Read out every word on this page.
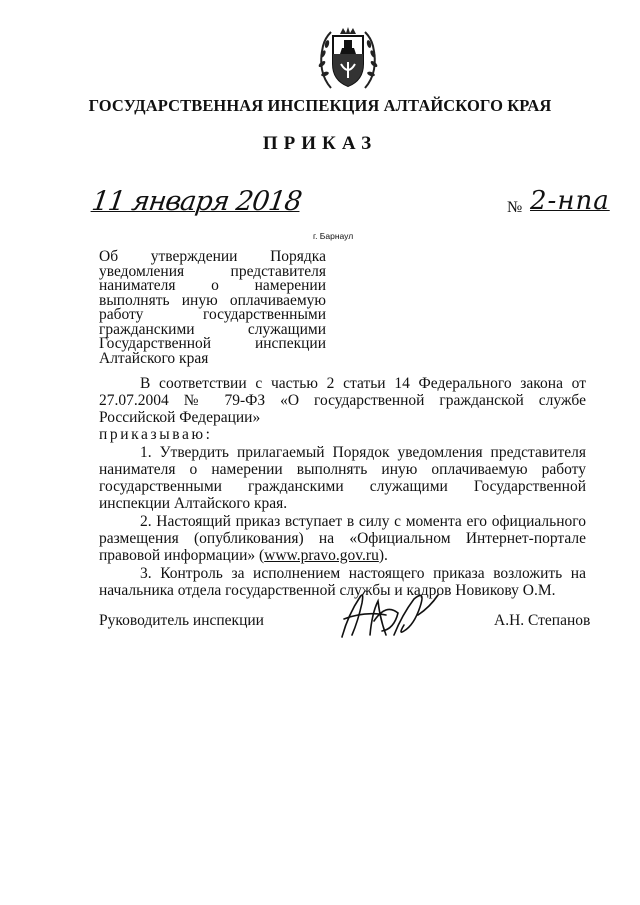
ГОСУДАРСТВЕННАЯ ИНСПЕКЦИЯ АЛТАЙСКОГО КРАЯ
ПРИКАЗ
11 января 2018	№ 2-нпа
г. Барнаул
Об утверждении Порядка уведомления представителя нанимателя о намерении выполнять иную оплачиваемую работу государственными гражданскими служащими Государственной инспекции Алтайского края

В соответствии с частью 2 статьи 14 Федерального закона от 27.07.2004 № 79-ФЗ «О государственной гражданской службе Российской Федерации»
приказываю:

1. Утвердить прилагаемый Порядок уведомления представителя нанимателя о намерении выполнять иную оплачиваемую работу государственными гражданскими служащими Государственной инспекции Алтайского края.

2. Настоящий приказ вступает в силу с момента его официального размещения (опубликования) на «Официальном Интернет-портале правовой информации» (www.pravo.gov.ru).

3. Контроль за исполнением настоящего приказа возложить на начальника отдела государственной службы и кадров Новикову О.М.

Руководитель инспекции	А.Н. Степанов
